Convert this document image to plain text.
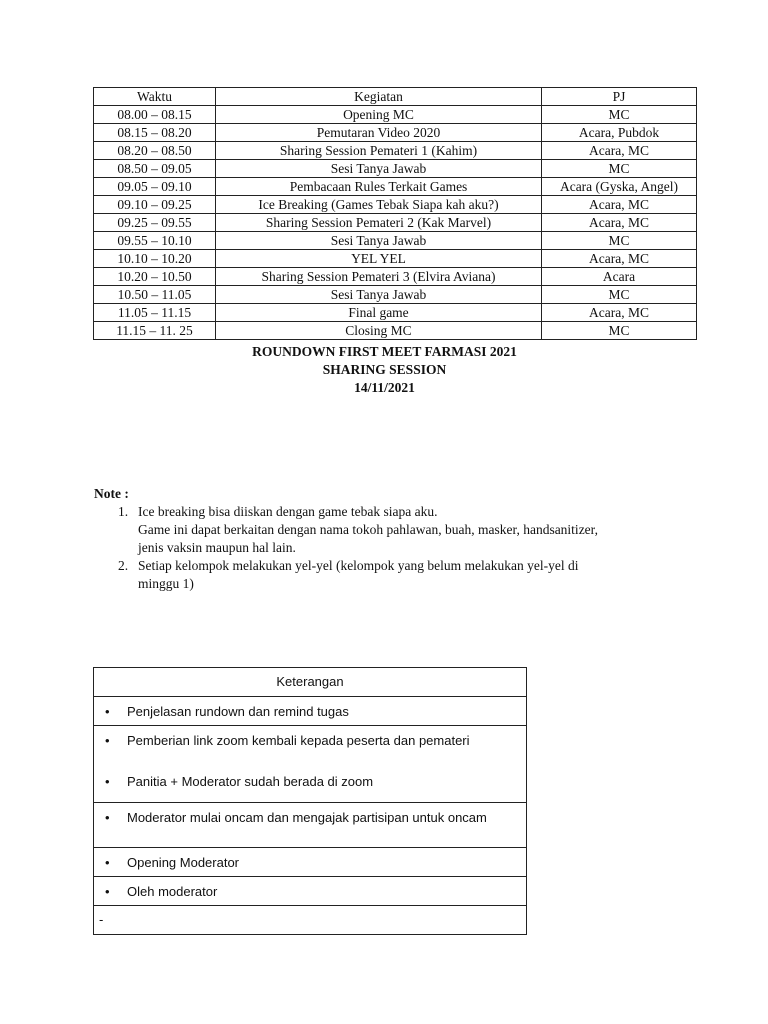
Waktu	Kegiatan	PJ
08.00 – 08.15	Opening MC	MC
08.15 – 08.20	Pemutaran Video 2020	Acara, Pubdok
08.20 – 08.50	Sharing Session Pemateri 1 (Kahim)	Acara, MC
08.50 – 09.05	Sesi Tanya Jawab	MC
09.05 – 09.10	Pembacaan Rules Terkait Games	Acara (Gyska, Angel)
09.10 – 09.25	Ice Breaking (Games Tebak Siapa kah aku?)	Acara, MC
09.25 – 09.55	Sharing Session Pemateri 2 (Kak Marvel)	Acara, MC
09.55 – 10.10	Sesi Tanya Jawab	MC
10.10 – 10.20	YEL YEL	Acara, MC
10.20 – 10.50	Sharing Session Pemateri 3 (Elvira Aviana)	Acara
10.50 – 11.05	Sesi Tanya Jawab	MC
11.05 – 11.15	Final game	Acara, MC
11.15 – 11. 25	Closing MC	MC
ROUNDOWN FIRST MEET FARMASI 2021
SHARING SESSION
14/11/2021
Note :
1. Ice breaking bisa diiskan dengan game tebak siapa aku.
Game ini dapat berkaitan dengan nama tokoh pahlawan, buah, masker, handsanitizer,
jenis vaksin maupun hal lain.
2. Setiap kelompok melakukan yel-yel (kelompok yang belum melakukan yel-yel di
minggu 1)
Keterangan

• Penjelasan rundown dan remind tugas

• Pemberian link zoom kembali kepada peserta dan pemateri
• Panitia + Moderator sudah berada di zoom

• Moderator mulai oncam dan mengajak partisipan untuk oncam

• Opening Moderator

• Oleh moderator

-
